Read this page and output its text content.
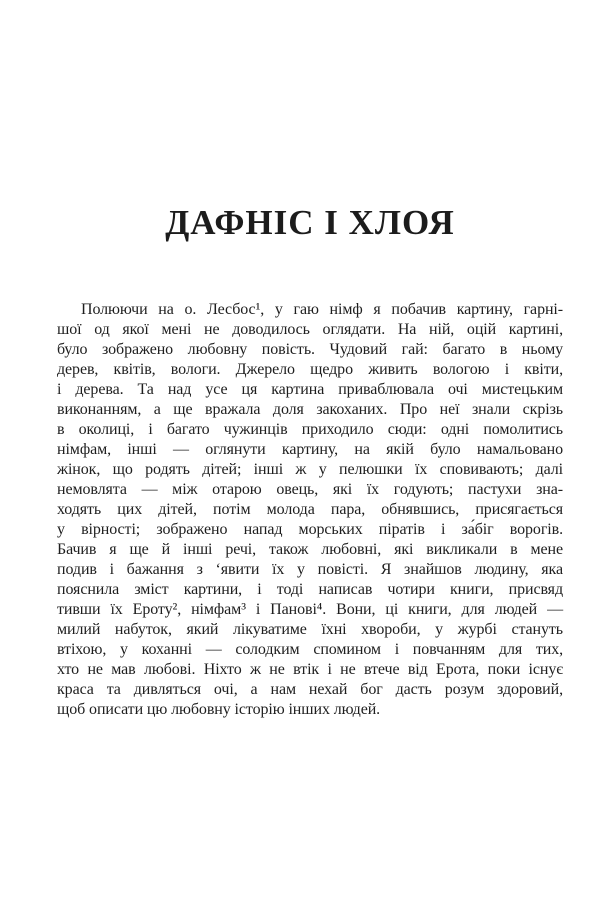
ДАФНІС І ХЛОЯ
Полюючи на о. Лесбос¹, у гаю німф я побачив картину, гарні-
шої од якої мені не доводилось оглядати. На ній, оцій картині,
було зображено любовну повість. Чудовий гай: багато в ньому
дерев, квітів, вологи. Джерело щедро живить вологою і квіти,
і дерева. Та над усе ця картина приваблювала очі мистецьким
виконанням, а ще вражала доля закоханих. Про неї знали скрізь
в околиці, і багато чужинців приходило сюди: одні помолитись
німфам, інші — оглянути картину, на якій було намальовано
жінок, що родять дітей; інші ж у пелюшки їх сповивають; далі
немовлята — між отарою овець, які їх годують; пастухи зна-
ходять цих дітей, потім молода пара, обнявшись, присягається
у вірності; зображено напад морських піратів і за́біг ворогів.
Бачив я ще й інші речі, також любовні, які викликали в мене
подив і бажання з ‘явити їх у повісті. Я знайшов людину, яка
пояснила зміст картини, і тоді написав чотири книги, присвяд
тивши їх Ероту², німфам³ і Панові⁴. Вони, ці книги, для людей —
милий набуток, який лікуватиме їхні хвороби, у журбі стануть
втіхою, у коханні — солодким спомином і повчанням для тих,
хто не мав любові. Ніхто ж не втік і не втече від Ерота, поки існує
краса та дивляться очі, а нам нехай бог дасть розум здоровий,
щоб описати цю любовну історію інших людей.
